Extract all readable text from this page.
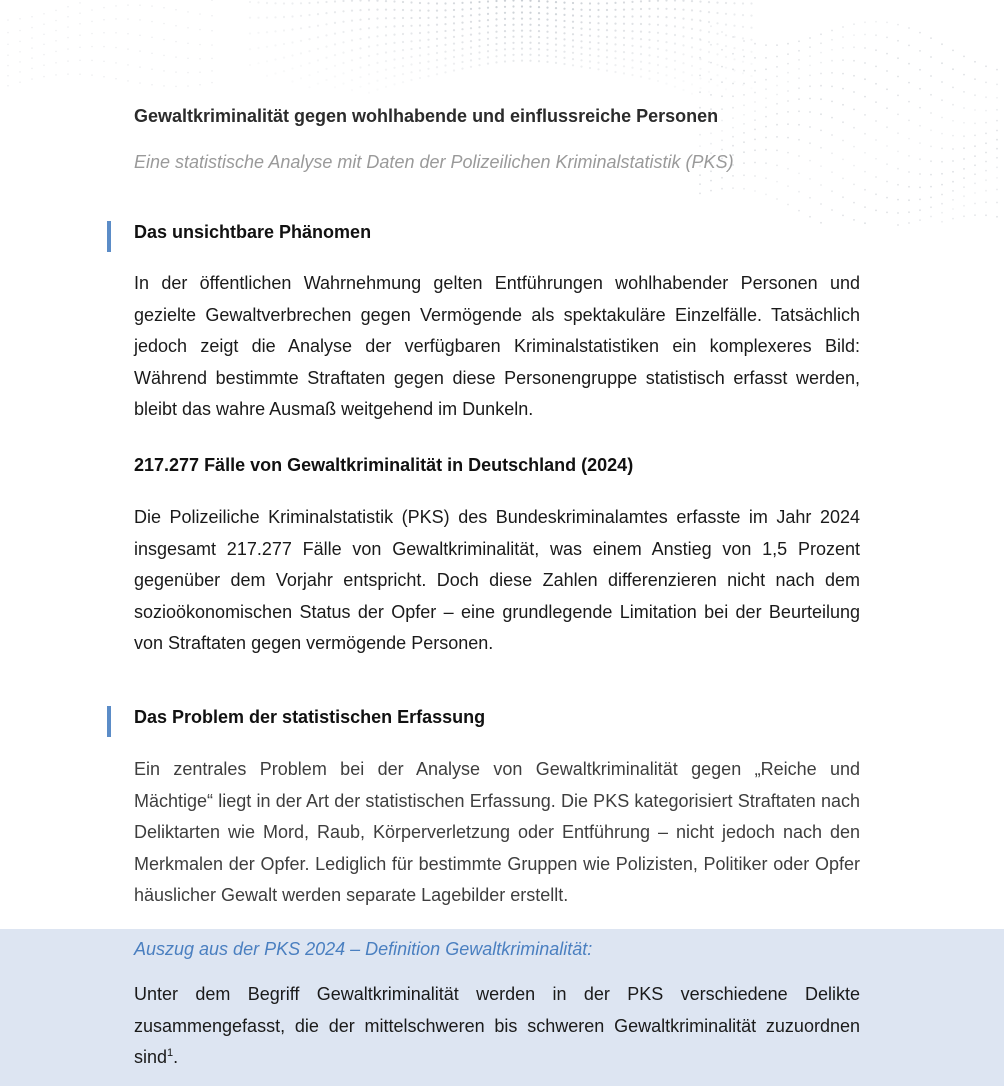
Gewaltkriminalität gegen wohlhabende und einflussreiche Personen

Eine statistische Analyse mit Daten der Polizeilichen Kriminalstatistik (PKS)

Das unsichtbare Phänomen

In der öffentlichen Wahrnehmung gelten Entführungen wohlhabender Personen und gezielte Gewaltverbrechen gegen Vermögende als spektakuläre Einzelfälle. Tatsächlich jedoch zeigt die Analyse der verfügbaren Kriminalstatistiken ein komplexeres Bild: Während bestimmte Straftaten gegen diese Personengruppe statistisch erfasst werden, bleibt das wahre Ausmaß weitgehend im Dunkeln.

217.277 Fälle von Gewaltkriminalität in Deutschland (2024)

Die Polizeiliche Kriminalstatistik (PKS) des Bundeskriminalamtes erfasste im Jahr 2024 insgesamt 217.277 Fälle von Gewaltkriminalität, was einem Anstieg von 1,5 Prozent gegenüber dem Vorjahr entspricht. Doch diese Zahlen differenzieren nicht nach dem sozioökonomischen Status der Opfer – eine grundlegende Limitation bei der Beurteilung von Straftaten gegen vermögende Personen.

Das Problem der statistischen Erfassung

Ein zentrales Problem bei der Analyse von Gewaltkriminalität gegen „Reiche und Mächtige“ liegt in der Art der statistischen Erfassung. Die PKS kategorisiert Straftaten nach Deliktarten wie Mord, Raub, Körperverletzung oder Entführung – nicht jedoch nach den Merkmalen der Opfer. Lediglich für bestimmte Gruppen wie Polizisten, Politiker oder Opfer häuslicher Gewalt werden separate Lagebilder erstellt.

Auszug aus der PKS 2024 – Definition Gewaltkriminalität:

Unter dem Begriff Gewaltkriminalität werden in der PKS verschiedene Delikte zusammengefasst, die der mittelschweren bis schweren Gewaltkriminalität zuzuordnen sind$^1$.
